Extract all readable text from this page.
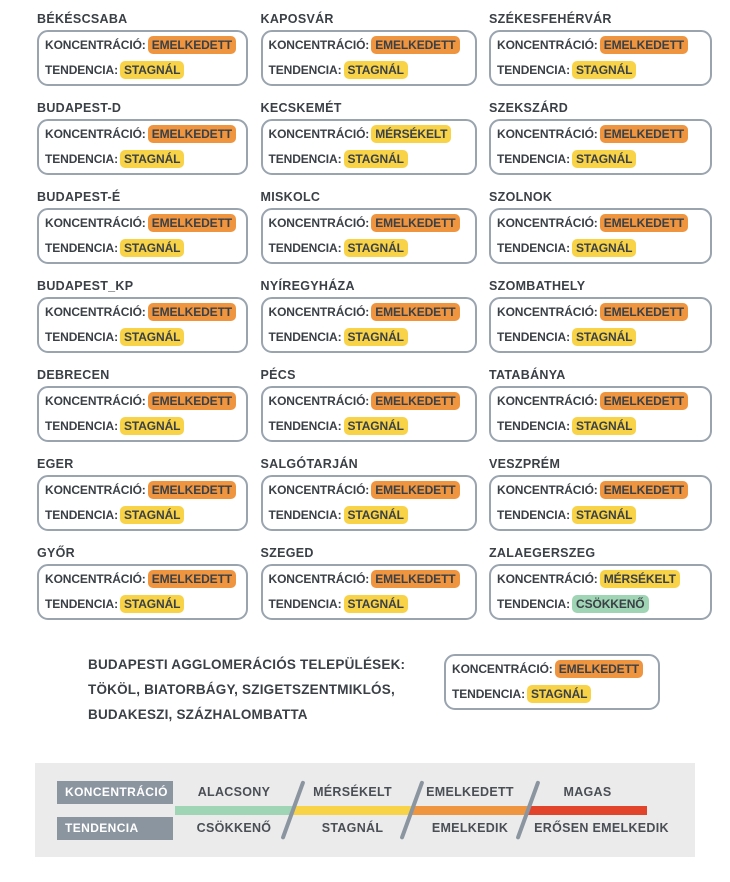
BÉKÉSCSABA
KONCENTRÁCIÓ: EMELKEDETT
TENDENCIA: STAGNÁL
KAPOSVÁR
KONCENTRÁCIÓ: EMELKEDETT
TENDENCIA: STAGNÁL
SZÉKESFEHÉRVÁR
KONCENTRÁCIÓ: EMELKEDETT
TENDENCIA: STAGNÁL
BUDAPEST-D
KONCENTRÁCIÓ: EMELKEDETT
TENDENCIA: STAGNÁL
KECSKEMÉT
KONCENTRÁCIÓ: MÉRSÉKELT
TENDENCIA: STAGNÁL
SZEKSZÁRD
KONCENTRÁCIÓ: EMELKEDETT
TENDENCIA: STAGNÁL
BUDAPEST-É
KONCENTRÁCIÓ: EMELKEDETT
TENDENCIA: STAGNÁL
MISKOLC
KONCENTRÁCIÓ: EMELKEDETT
TENDENCIA: STAGNÁL
SZOLNOK
KONCENTRÁCIÓ: EMELKEDETT
TENDENCIA: STAGNÁL
BUDAPEST_KP
KONCENTRÁCIÓ: EMELKEDETT
TENDENCIA: STAGNÁL
NYÍREGYHÁZA
KONCENTRÁCIÓ: EMELKEDETT
TENDENCIA: STAGNÁL
SZOMBATHELY
KONCENTRÁCIÓ: EMELKEDETT
TENDENCIA: STAGNÁL
DEBRECEN
KONCENTRÁCIÓ: EMELKEDETT
TENDENCIA: STAGNÁL
PÉCS
KONCENTRÁCIÓ: EMELKEDETT
TENDENCIA: STAGNÁL
TATABÁNYA
KONCENTRÁCIÓ: EMELKEDETT
TENDENCIA: STAGNÁL
EGER
KONCENTRÁCIÓ: EMELKEDETT
TENDENCIA: STAGNÁL
SALGÓTARJÁN
KONCENTRÁCIÓ: EMELKEDETT
TENDENCIA: STAGNÁL
VESZPRÉM
KONCENTRÁCIÓ: EMELKEDETT
TENDENCIA: STAGNÁL
GYŐR
KONCENTRÁCIÓ: EMELKEDETT
TENDENCIA: STAGNÁL
SZEGED
KONCENTRÁCIÓ: EMELKEDETT
TENDENCIA: STAGNÁL
ZALAEGERSZEG
KONCENTRÁCIÓ: MÉRSÉKELT
TENDENCIA: CSÖKKENŐ
BUDAPESTI AGGLOMERÁCIÓS TELEPÜLÉSEK:
TÖKÖL, BIATORBÁGY, SZIGETSZENTMIKLÓS,
BUDAKESZI, SZÁZHALOMBATTA
KONCENTRÁCIÓ: EMELKEDETT
TENDENCIA: STAGNÁL
KONCENTRÁCIÓ
TENDENCIA
ALACSONY
CSÖKKENŐ
MÉRSÉKELT
STAGNÁL
EMELKEDETT
EMELKEDIK
MAGAS
ERŐSEN EMELKEDIK
